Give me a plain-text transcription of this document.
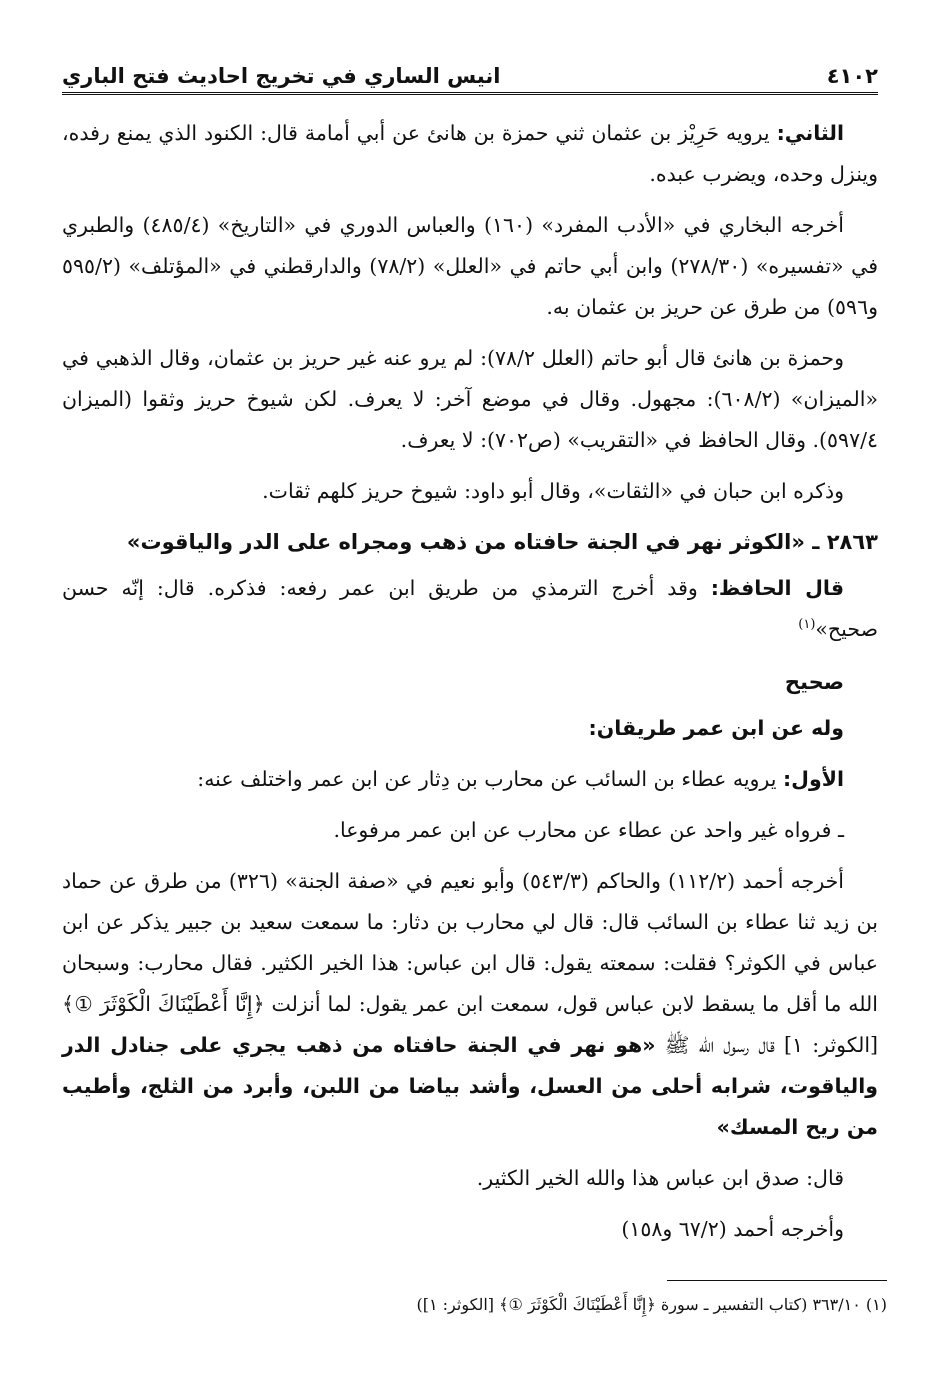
٤١٠٢
انيس الساري في تخريج احاديث فتح الباري

الثاني: يرويه حَرِيْز بن عثمان ثني حمزة بن هانئ عن أبي أمامة قال: الكنود الذي يمنع رفده، وينزل وحده، ويضرب عبده.

أخرجه البخاري في «الأدب المفرد» (١٦٠) والعباس الدوري في «التاريخ» (٤٨٥/٤) والطبري في «تفسيره» (٢٧٨/٣٠) وابن أبي حاتم في «العلل» (٧٨/٢) والدارقطني في «المؤتلف» (٥٩٥/٢ و٥٩٦) من طرق عن حريز بن عثمان به.

وحمزة بن هانئ قال أبو حاتم (العلل ٧٨/٢): لم يرو عنه غير حريز بن عثمان، وقال الذهبي في «الميزان» (٦٠٨/٢): مجهول. وقال في موضع آخر: لا يعرف. لكن شيوخ حريز وثقوا (الميزان ٥٩٧/٤). وقال الحافظ في «التقريب» (ص٧٠٢): لا يعرف.

وذكره ابن حبان في «الثقات»، وقال أبو داود: شيوخ حريز كلهم ثقات.

٢٨٦٣ ـ «الكوثر نهر في الجنة حافتاه من ذهب ومجراه على الدر والياقوت»

قال الحافظ: وقد أخرج الترمذي من طريق ابن عمر رفعه: فذكره. قال: إنّه حسن صحيح»$^{(١)}$

صحيح

وله عن ابن عمر طريقان:

الأول: يرويه عطاء بن السائب عن محارب بن دِثار عن ابن عمر واختلف عنه:

ـ فرواه غير واحد عن عطاء عن محارب عن ابن عمر مرفوعا.

أخرجه أحمد (١١٢/٢) والحاكم (٥٤٣/٣) وأبو نعيم في «صفة الجنة» (٣٢٦) من طرق عن حماد بن زيد ثنا عطاء بن السائب قال: قال لي محارب بن دثار: ما سمعت سعيد بن جبير يذكر عن ابن عباس في الكوثر؟ فقلت: سمعته يقول: قال ابن عباس: هذا الخير الكثير. فقال محارب: وسبحان الله ما أقل ما يسقط لابن عباس قول، سمعت ابن عمر يقول: لما أنزلت ﴿إِنَّا أَعْطَيْنَاكَ الْكَوْثَرَ ①﴾ [الكوثر: ١] قال رسول الله ﷺ «هو نهر في الجنة حافتاه من ذهب يجري على جنادل الدر والياقوت، شرابه أحلى من العسل، وأشد بياضا من اللبن، وأبرد من الثلج، وأطيب من ريح المسك»

قال: صدق ابن عباس هذا والله الخير الكثير.

وأخرجه أحمد (٦٧/٢ و١٥٨)

(١) ٣٦٣/١٠ (كتاب التفسير ـ سورة ﴿إِنَّا أَعْطَيْنَاكَ الْكَوْثَرَ ①﴾ [الكوثر: ١])
